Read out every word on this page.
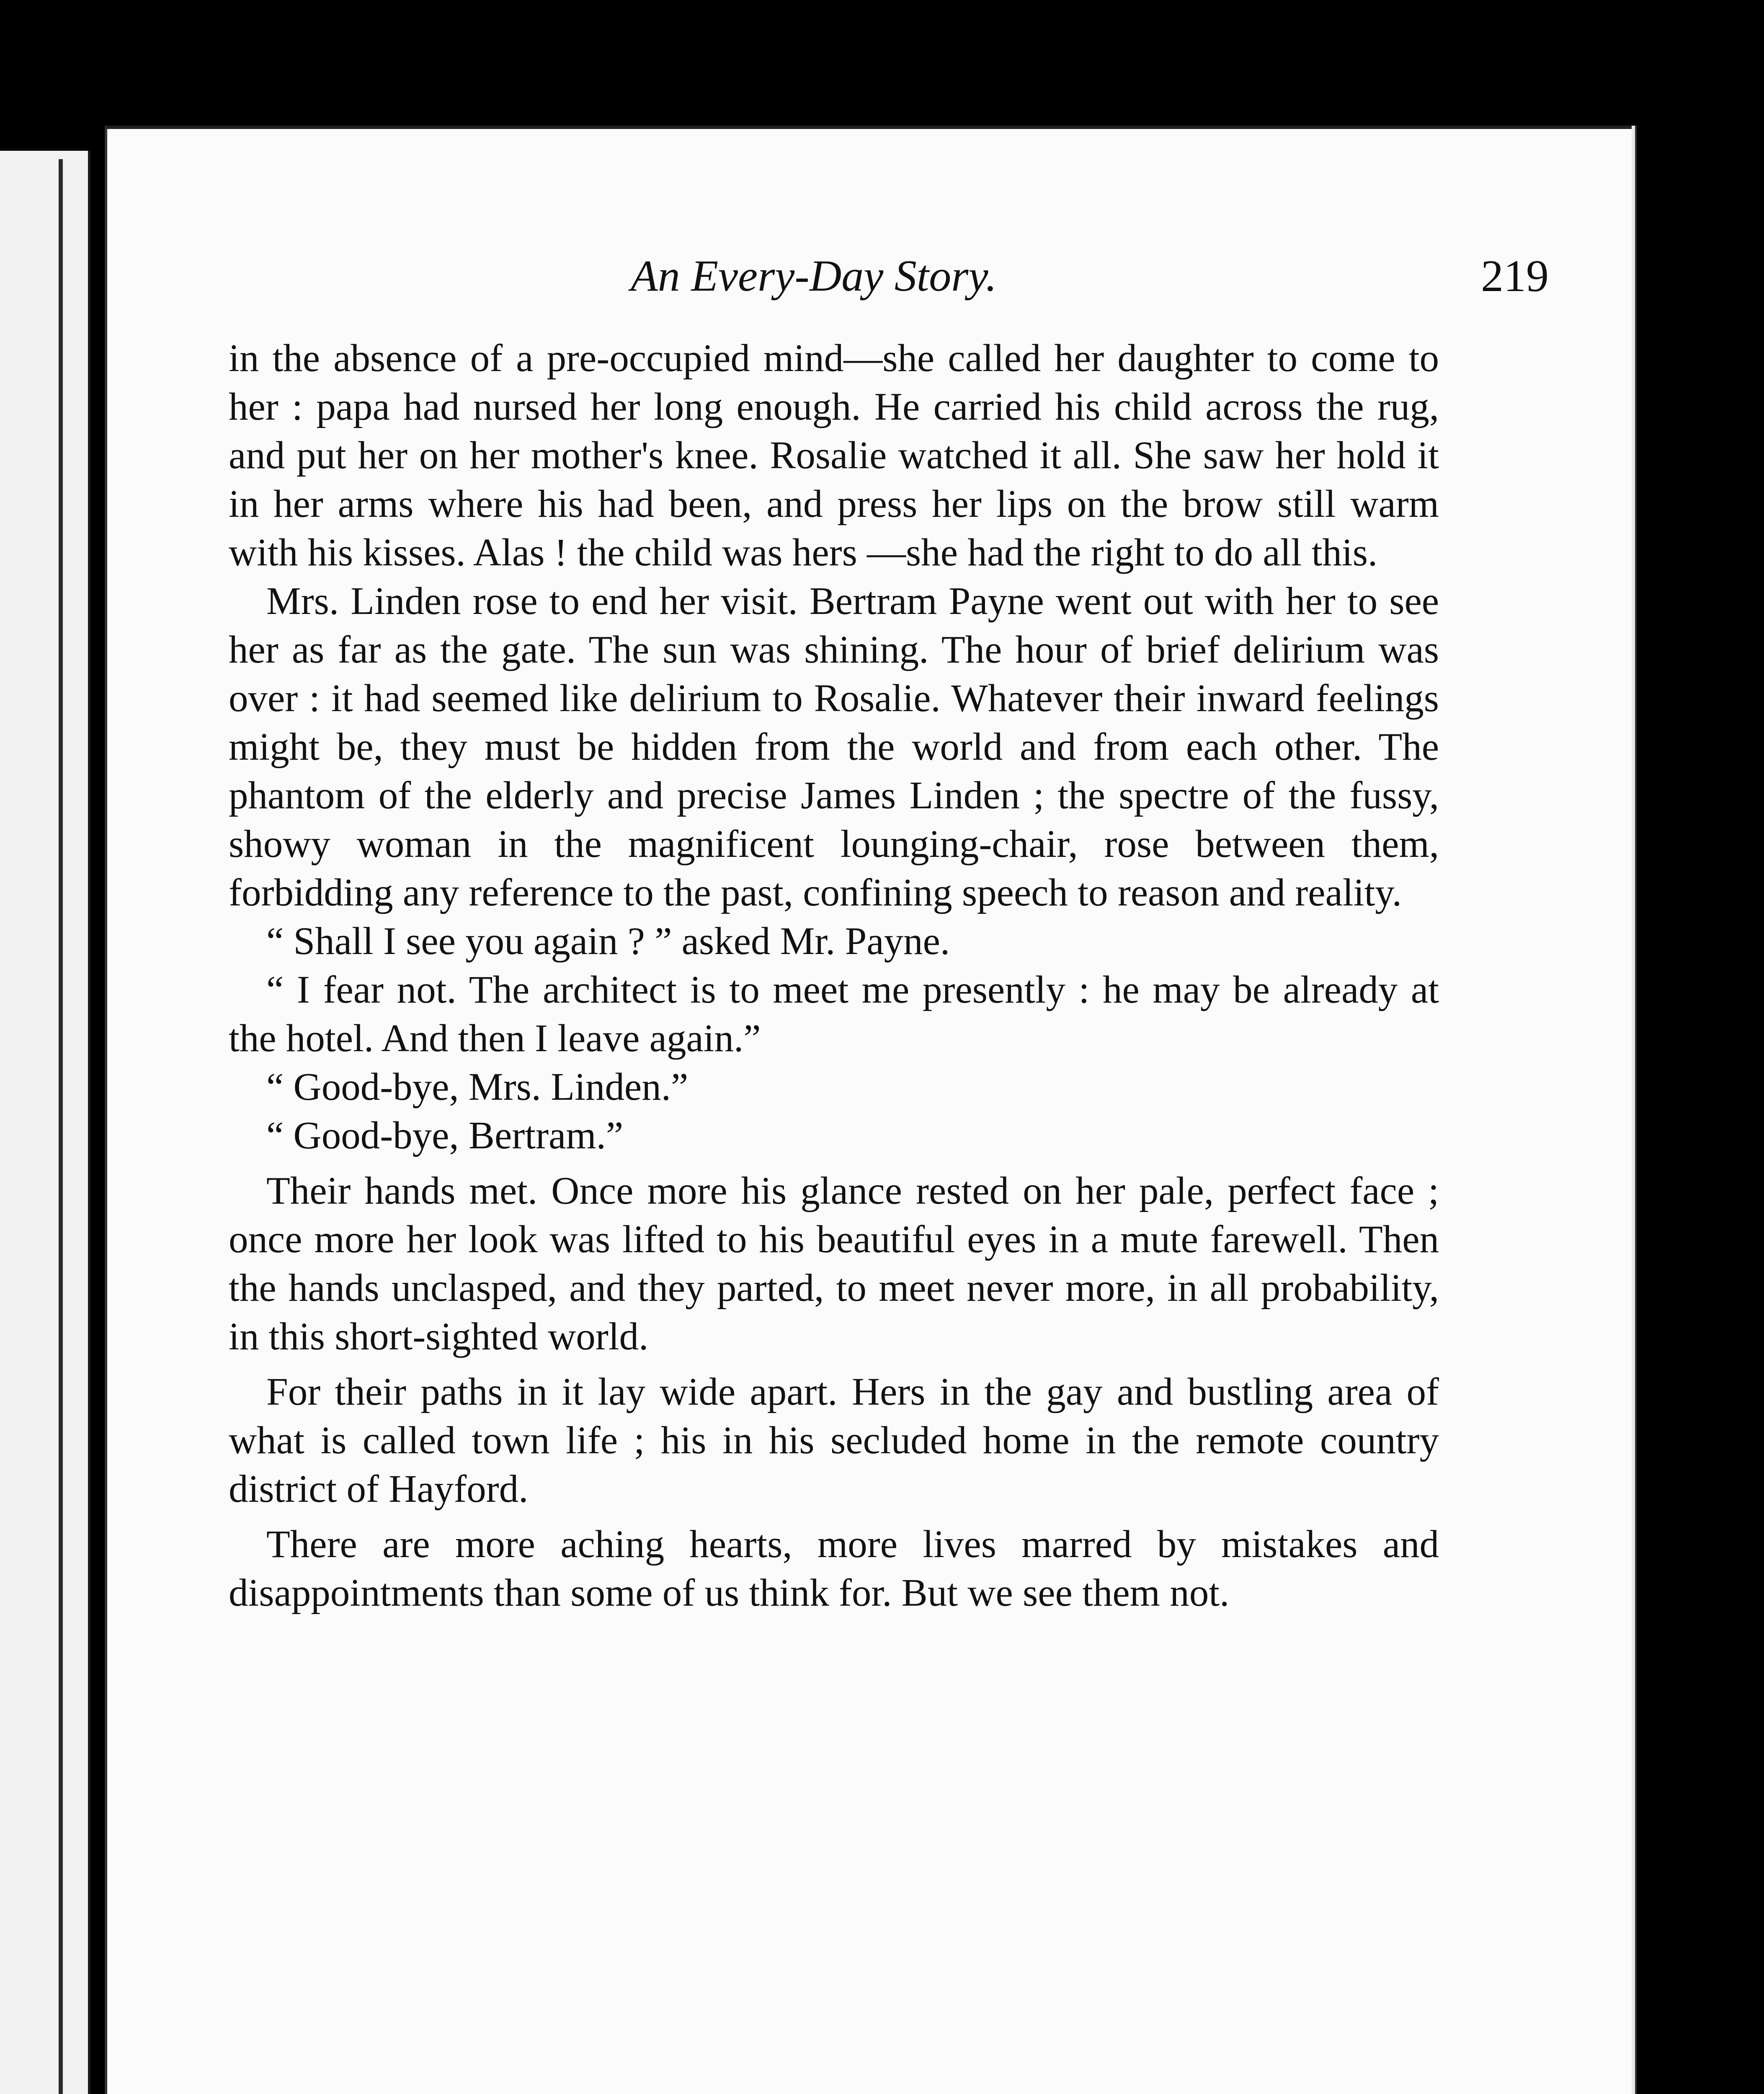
An Every-Day Story.	219

in the absence of a pre-occupied mind—she called her daughter to come to her : papa had nursed her long enough. He carried his child across the rug, and put her on her mother's knee. Rosalie watched it all. She saw her hold it in her arms where his had been, and press her lips on the brow still warm with his kisses. Alas ! the child was hers —she had the right to do all this.

Mrs. Linden rose to end her visit. Bertram Payne went out with her to see her as far as the gate. The sun was shining. The hour of brief delirium was over : it had seemed like delirium to Rosalie. Whatever their inward feelings might be, they must be hidden from the world and from each other. The phantom of the elderly and precise James Linden ; the spectre of the fussy, showy woman in the magnificent lounging-chair, rose between them, forbidding any reference to the past, confining speech to reason and reality.

“ Shall I see you again ? ” asked Mr. Payne.

“ I fear not. The architect is to meet me presently : he may be already at the hotel. And then I leave again.”

“ Good-bye, Mrs. Linden.”

“ Good-bye, Bertram.”

Their hands met. Once more his glance rested on her pale, perfect face ; once more her look was lifted to his beautiful eyes in a mute farewell. Then the hands unclasped, and they parted, to meet never more, in all probability, in this short-sighted world.

For their paths in it lay wide apart. Hers in the gay and bustling area of what is called town life ; his in his secluded home in the remote country district of Hayford.

There are more aching hearts, more lives marred by mistakes and disappointments than some of us think for. But we see them not.
